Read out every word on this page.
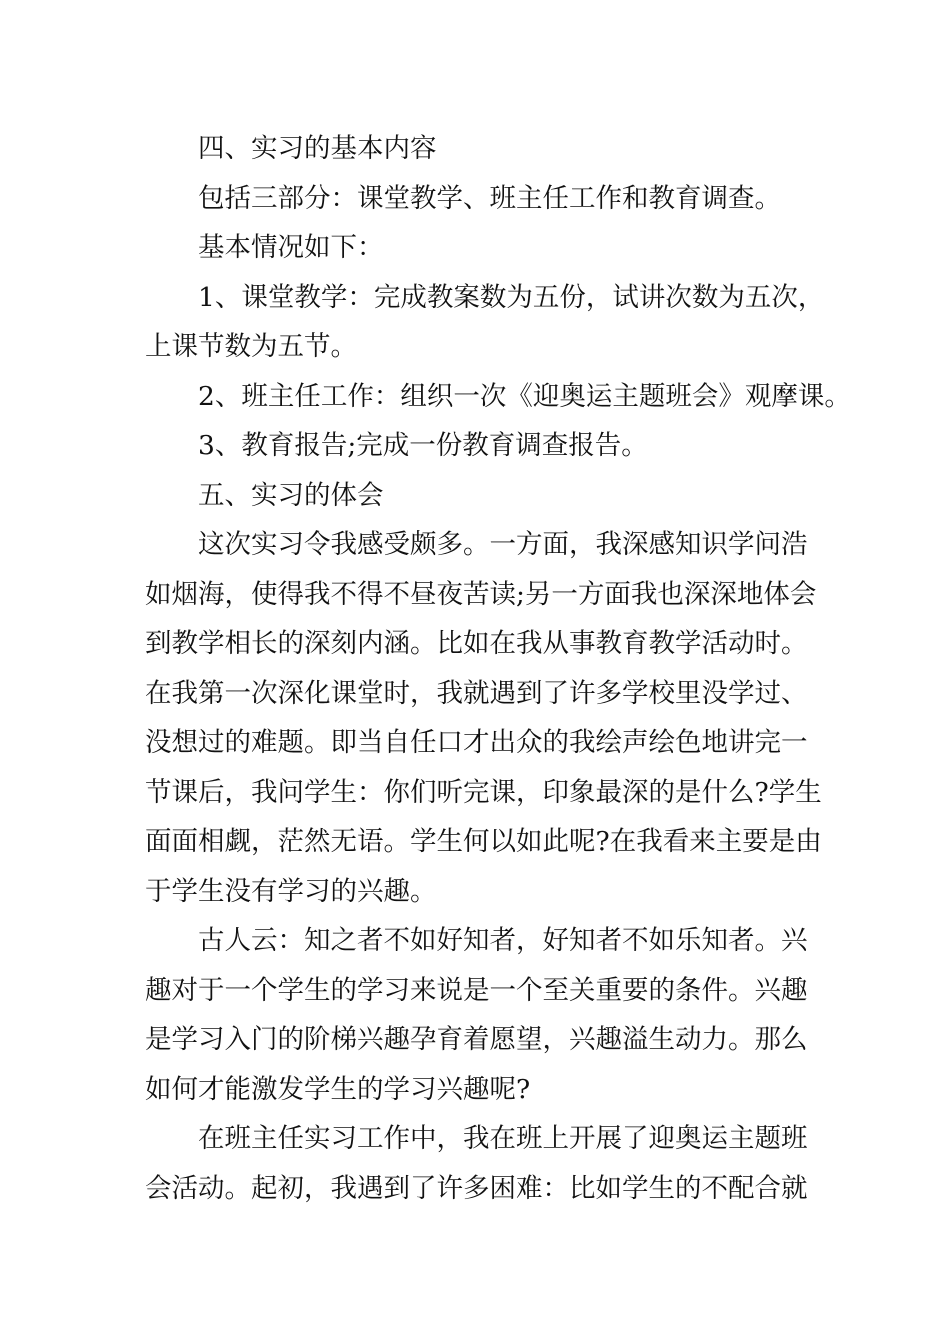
四、实习的基本内容

包括三部分：课堂教学、班主任工作和教育调查。

基本情况如下：

1、课堂教学：完成教案数为五份，试讲次数为五次，
上课节数为五节。

2、班主任工作：组织一次《迎奥运主题班会》观摩课。

3、教育报告;完成一份教育调查报告。

五、实习的体会

这次实习令我感受颇多。一方面，我深感知识学问浩
如烟海，使得我不得不昼夜苦读;另一方面我也深深地体会
到教学相长的深刻内涵。比如在我从事教育教学活动时。
在我第一次深化课堂时，我就遇到了许多学校里没学过、
没想过的难题。即当自任口才出众的我绘声绘色地讲完一
节课后，我问学生：你们听完课，印象最深的是什么?学生
面面相觑，茫然无语。学生何以如此呢?在我看来主要是由
于学生没有学习的兴趣。

古人云：知之者不如好知者，好知者不如乐知者。兴
趣对于一个学生的学习来说是一个至关重要的条件。兴趣
是学习入门的阶梯兴趣孕育着愿望，兴趣溢生动力。那么
如何才能激发学生的学习兴趣呢?

在班主任实习工作中，我在班上开展了迎奥运主题班
会活动。起初，我遇到了许多困难：比如学生的不配合就
